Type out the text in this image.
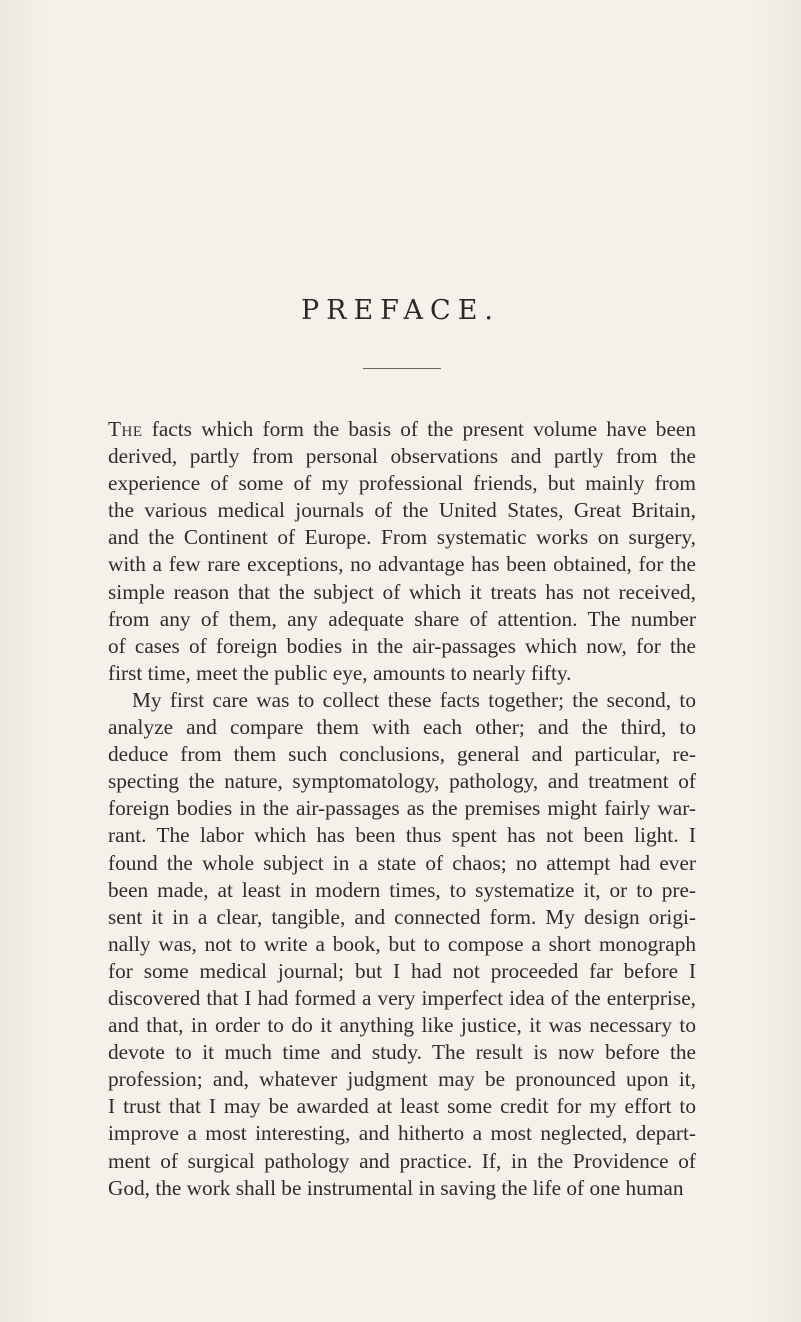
PREFACE.
The facts which form the basis of the present volume have been
derived, partly from personal observations and partly from the
experience of some of my professional friends, but mainly from
the various medical journals of the United States, Great Britain,
and the Continent of Europe. From systematic works on surgery,
with a few rare exceptions, no advantage has been obtained, for the
simple reason that the subject of which it treats has not received,
from any of them, any adequate share of attention. The number
of cases of foreign bodies in the air-passages which now, for the
first time, meet the public eye, amounts to nearly fifty.
My first care was to collect these facts together; the second, to
analyze and compare them with each other; and the third, to
deduce from them such conclusions, general and particular, re-
specting the nature, symptomatology, pathology, and treatment of
foreign bodies in the air-passages as the premises might fairly war-
rant. The labor which has been thus spent has not been light. I
found the whole subject in a state of chaos; no attempt had ever
been made, at least in modern times, to systematize it, or to pre-
sent it in a clear, tangible, and connected form. My design origi-
nally was, not to write a book, but to compose a short monograph
for some medical journal; but I had not proceeded far before I
discovered that I had formed a very imperfect idea of the enterprise,
and that, in order to do it anything like justice, it was necessary to
devote to it much time and study. The result is now before the
profession; and, whatever judgment may be pronounced upon it,
I trust that I may be awarded at least some credit for my effort to
improve a most interesting, and hitherto a most neglected, depart-
ment of surgical pathology and practice. If, in the Providence of
God, the work shall be instrumental in saving the life of one human
